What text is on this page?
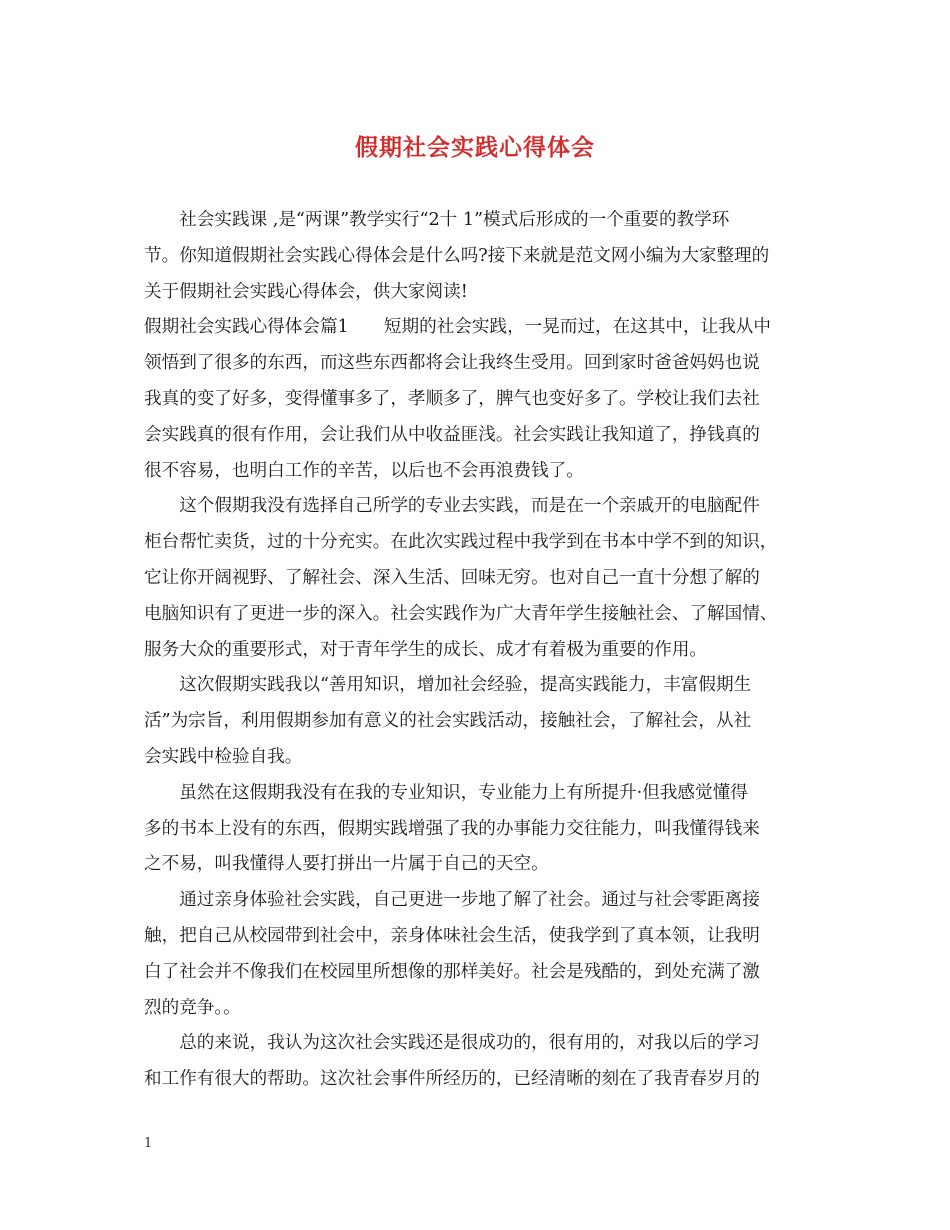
假期社会实践心得体会
　　社会实践课 ,是“两课”教学实行“2十 1”模式后形成的一个重要的教学环
节。你知道假期社会实践心得体会是什么吗?接下来就是范文网小编为大家整理的
关于假期社会实践心得体会，供大家阅读!
假期社会实践心得体会篇1　　短期的社会实践，一晃而过，在这其中，让我从中
领悟到了很多的东西，而这些东西都将会让我终生受用。回到家时爸爸妈妈也说
我真的变了好多，变得懂事多了，孝顺多了，脾气也变好多了。学校让我们去社
会实践真的很有作用，会让我们从中收益匪浅。社会实践让我知道了，挣钱真的
很不容易，也明白工作的辛苦，以后也不会再浪费钱了。
　　这个假期我没有选择自己所学的专业去实践，而是在一个亲戚开的电脑配件
柜台帮忙卖货，过的十分充实。在此次实践过程中我学到在书本中学不到的知识，
它让你开阔视野、了解社会、深入生活、回味无穷。也对自己一直十分想了解的
电脑知识有了更进一步的深入。社会实践作为广大青年学生接触社会、了解国情、
服务大众的重要形式，对于青年学生的成长、成才有着极为重要的作用。
　　这次假期实践我以“善用知识，增加社会经验，提高实践能力，丰富假期生
活”为宗旨，利用假期参加有意义的社会实践活动，接触社会，了解社会，从社
会实践中检验自我。
　　虽然在这假期我没有在我的专业知识，专业能力上有所提升·但我感觉懂得
多的书本上没有的东西，假期实践增强了我的办事能力交往能力，叫我懂得钱来
之不易，叫我懂得人要打拼出一片属于自己的天空。
　　通过亲身体验社会实践，自己更进一步地了解了社会。通过与社会零距离接
触，把自己从校园带到社会中，亲身体味社会生活，使我学到了真本领，让我明
白了社会并不像我们在校园里所想像的那样美好。社会是残酷的，到处充满了激
烈的竞争。。
　　总的来说，我认为这次社会实践还是很成功的，很有用的，对我以后的学习
和工作有很大的帮助。这次社会事件所经历的，已经清晰的刻在了我青春岁月的
1
